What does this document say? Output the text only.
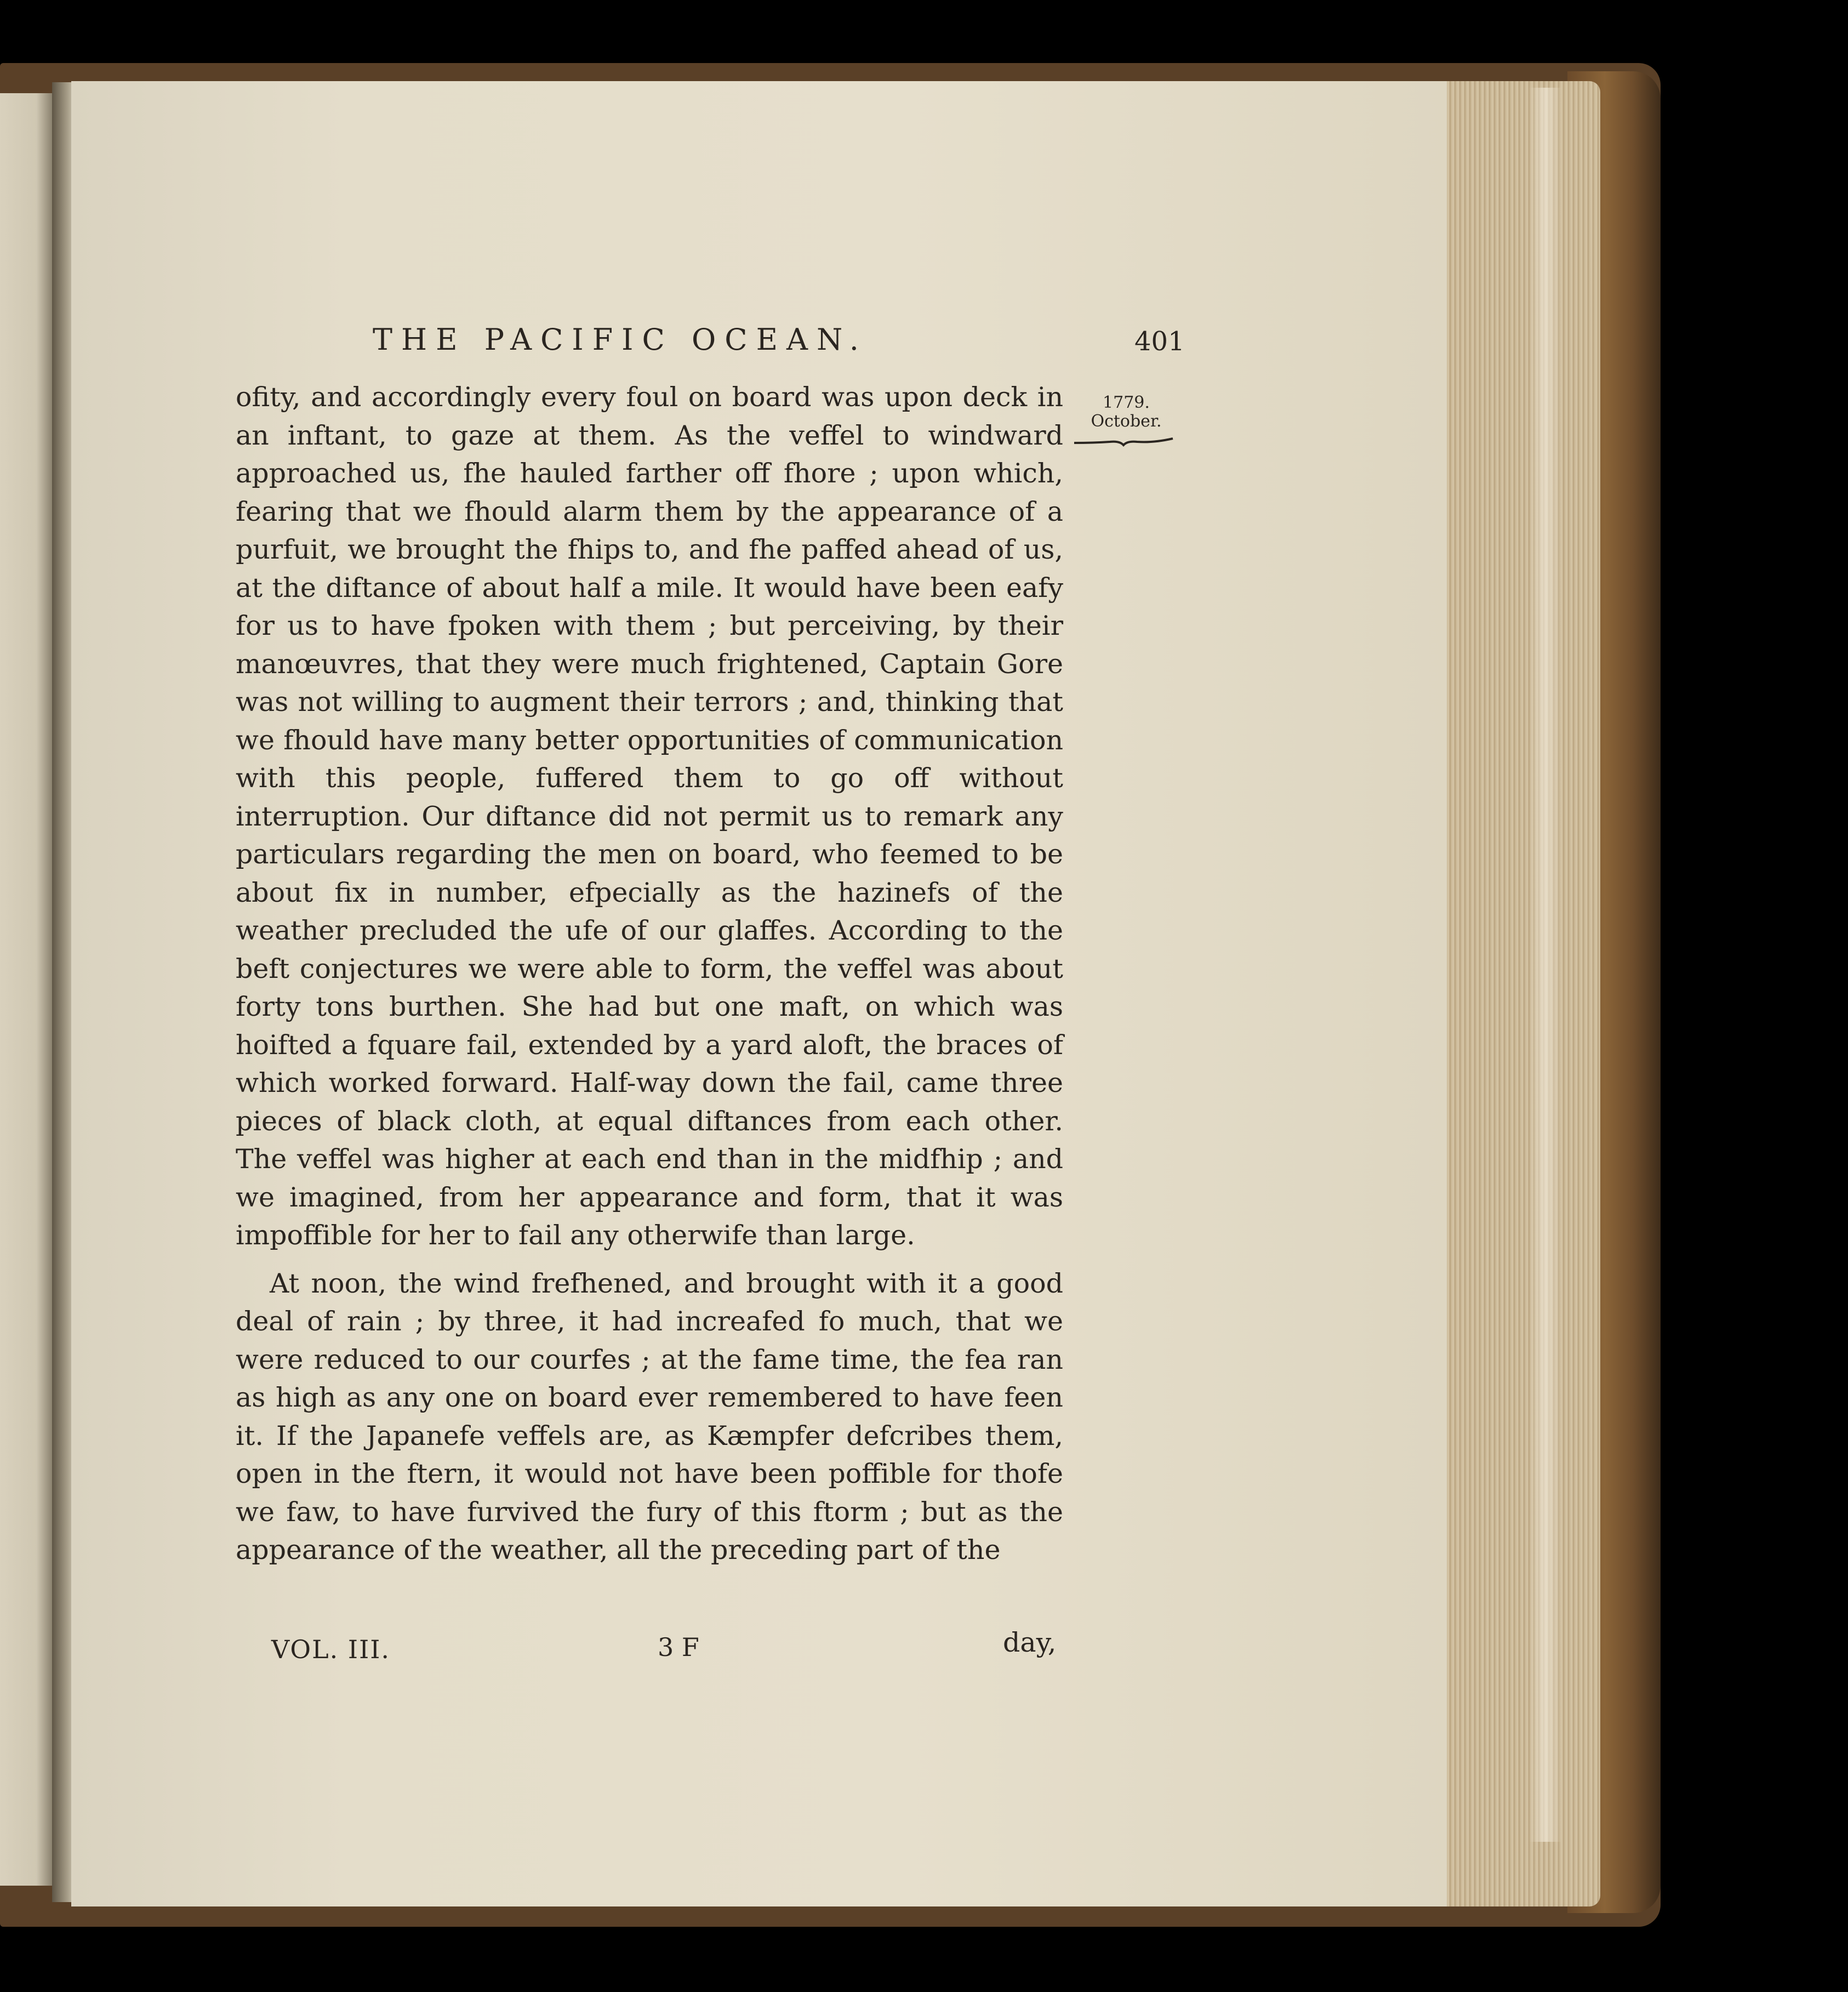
THE PACIFIC OCEAN.	401
1779.
October.

ofity, and accordingly every foul on board was upon deck in an inftant, to gaze at them. As the veffel to windward approached us, fhe hauled farther off fhore ; upon which, fearing that we fhould alarm them by the appearance of a purfuit, we brought the fhips to, and fhe paffed ahead of us, at the diftance of about half a mile. It would have been eafy for us to have fpoken with them ; but perceiving, by their manœuvres, that they were much frightened, Captain Gore was not willing to augment their terrors ; and, thinking that we fhould have many better opportunities of communication with this people, fuffered them to go off without interruption. Our diftance did not permit us to remark any particulars regarding the men on board, who feemed to be about fix in number, efpecially as the hazinefs of the weather precluded the ufe of our glaffes. According to the beft conjectures we were able to form, the veffel was about forty tons burthen. She had but one maft, on which was hoifted a fquare fail, extended by a yard aloft, the braces of which worked forward. Half-way down the fail, came three pieces of black cloth, at equal diftances from each other. The veffel was higher at each end than in the midfhip ; and we imagined, from her appearance and form, that it was impoffible for her to fail any otherwife than large.

At noon, the wind frefhened, and brought with it a good deal of rain ; by three, it had increafed fo much, that we were reduced to our courfes ; at the fame time, the fea ran as high as any one on board ever remembered to have feen it. If the Japanefe veffels are, as Kæmpfer defcribes them, open in the ftern, it would not have been poffible for thofe we faw, to have furvived the fury of this ftorm ; but as the appearance of the weather, all the preceding part of the

VOL. III.	3 F	day,
